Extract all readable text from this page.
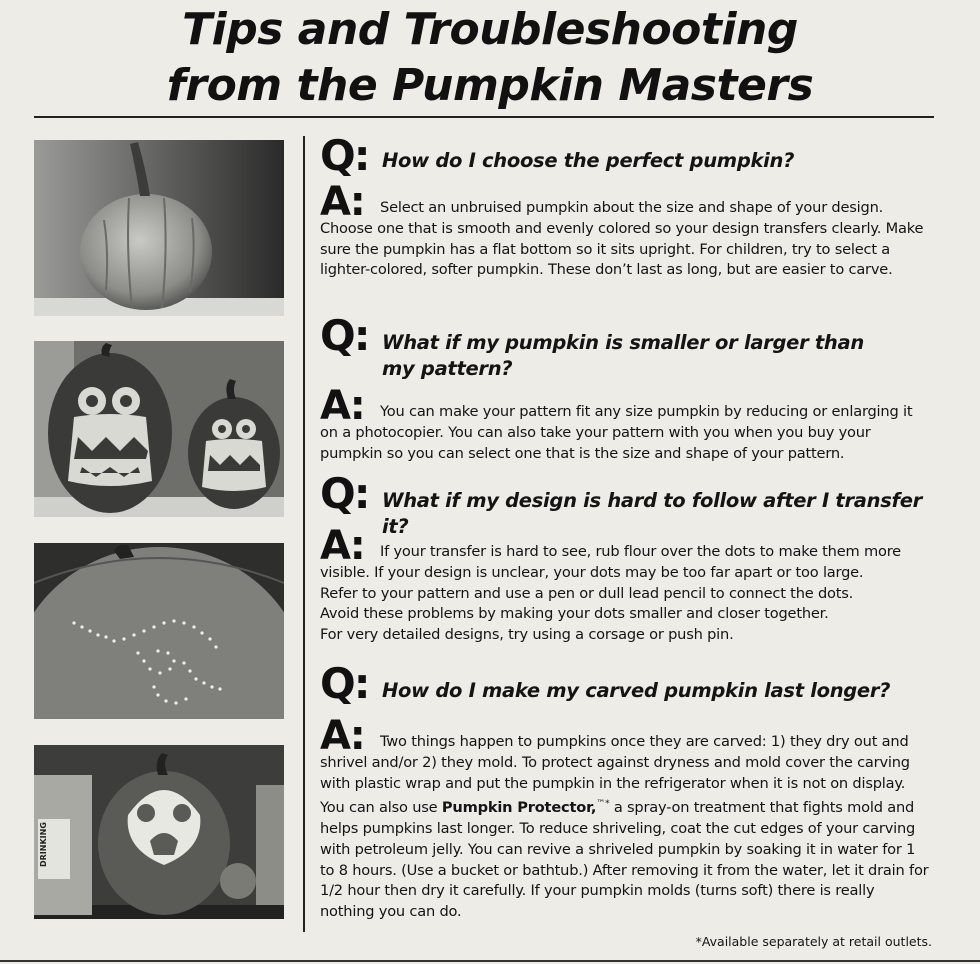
Tips and Troubleshooting
from the Pumpkin Masters
DRINKING
Q: How do I choose the perfect pumpkin?
A:	Select an unbruised pumpkin about the size and shape of your design. Choose one that is smooth and evenly colored so your design transfers clearly. Make sure the pumpkin has a flat bottom so it sits upright. For children, try to select a lighter-colored, softer pumpkin. These don’t last as long, but are easier to carve.

Q: What if my pumpkin is smaller or larger than
my pattern?
A:	You can make your pattern fit any size pumpkin by reducing or enlarging it on a photocopier. You can also take your pattern with you when you buy your pumpkin so you can select one that is the size and shape of your pattern.

Q: What if my design is hard to follow after I transfer it?
A:	If your transfer is hard to see, rub flour over the dots to make them more
visible. If your design is unclear, your dots may be too far apart or too large.
Refer to your pattern and use a pen or dull lead pencil to connect the dots.
Avoid these problems by making your dots smaller and closer together.
For very detailed designs, try using a corsage or push pin.

Q: How do I make my carved pumpkin last longer?
A:	Two things happen to pumpkins once they are carved: 1) they dry out and shrivel and/or 2) they mold. To protect against dryness and mold cover the carving with plastic wrap and put the pumpkin in the refrigerator when it is not on display. You can also use Pumpkin Protector,™* a spray-on treatment that fights mold and helps pumpkins last longer. To reduce shriveling, coat the cut edges of your carving with petroleum jelly. You can revive a shriveled pumpkin by soaking it in water for 1 to 8 hours. (Use a bucket or bathtub.) After removing it from the water, let it drain for 1/2 hour then dry it carefully. If your pumpkin molds (turns soft) there is really nothing you can do.

*Available separately at retail outlets.
